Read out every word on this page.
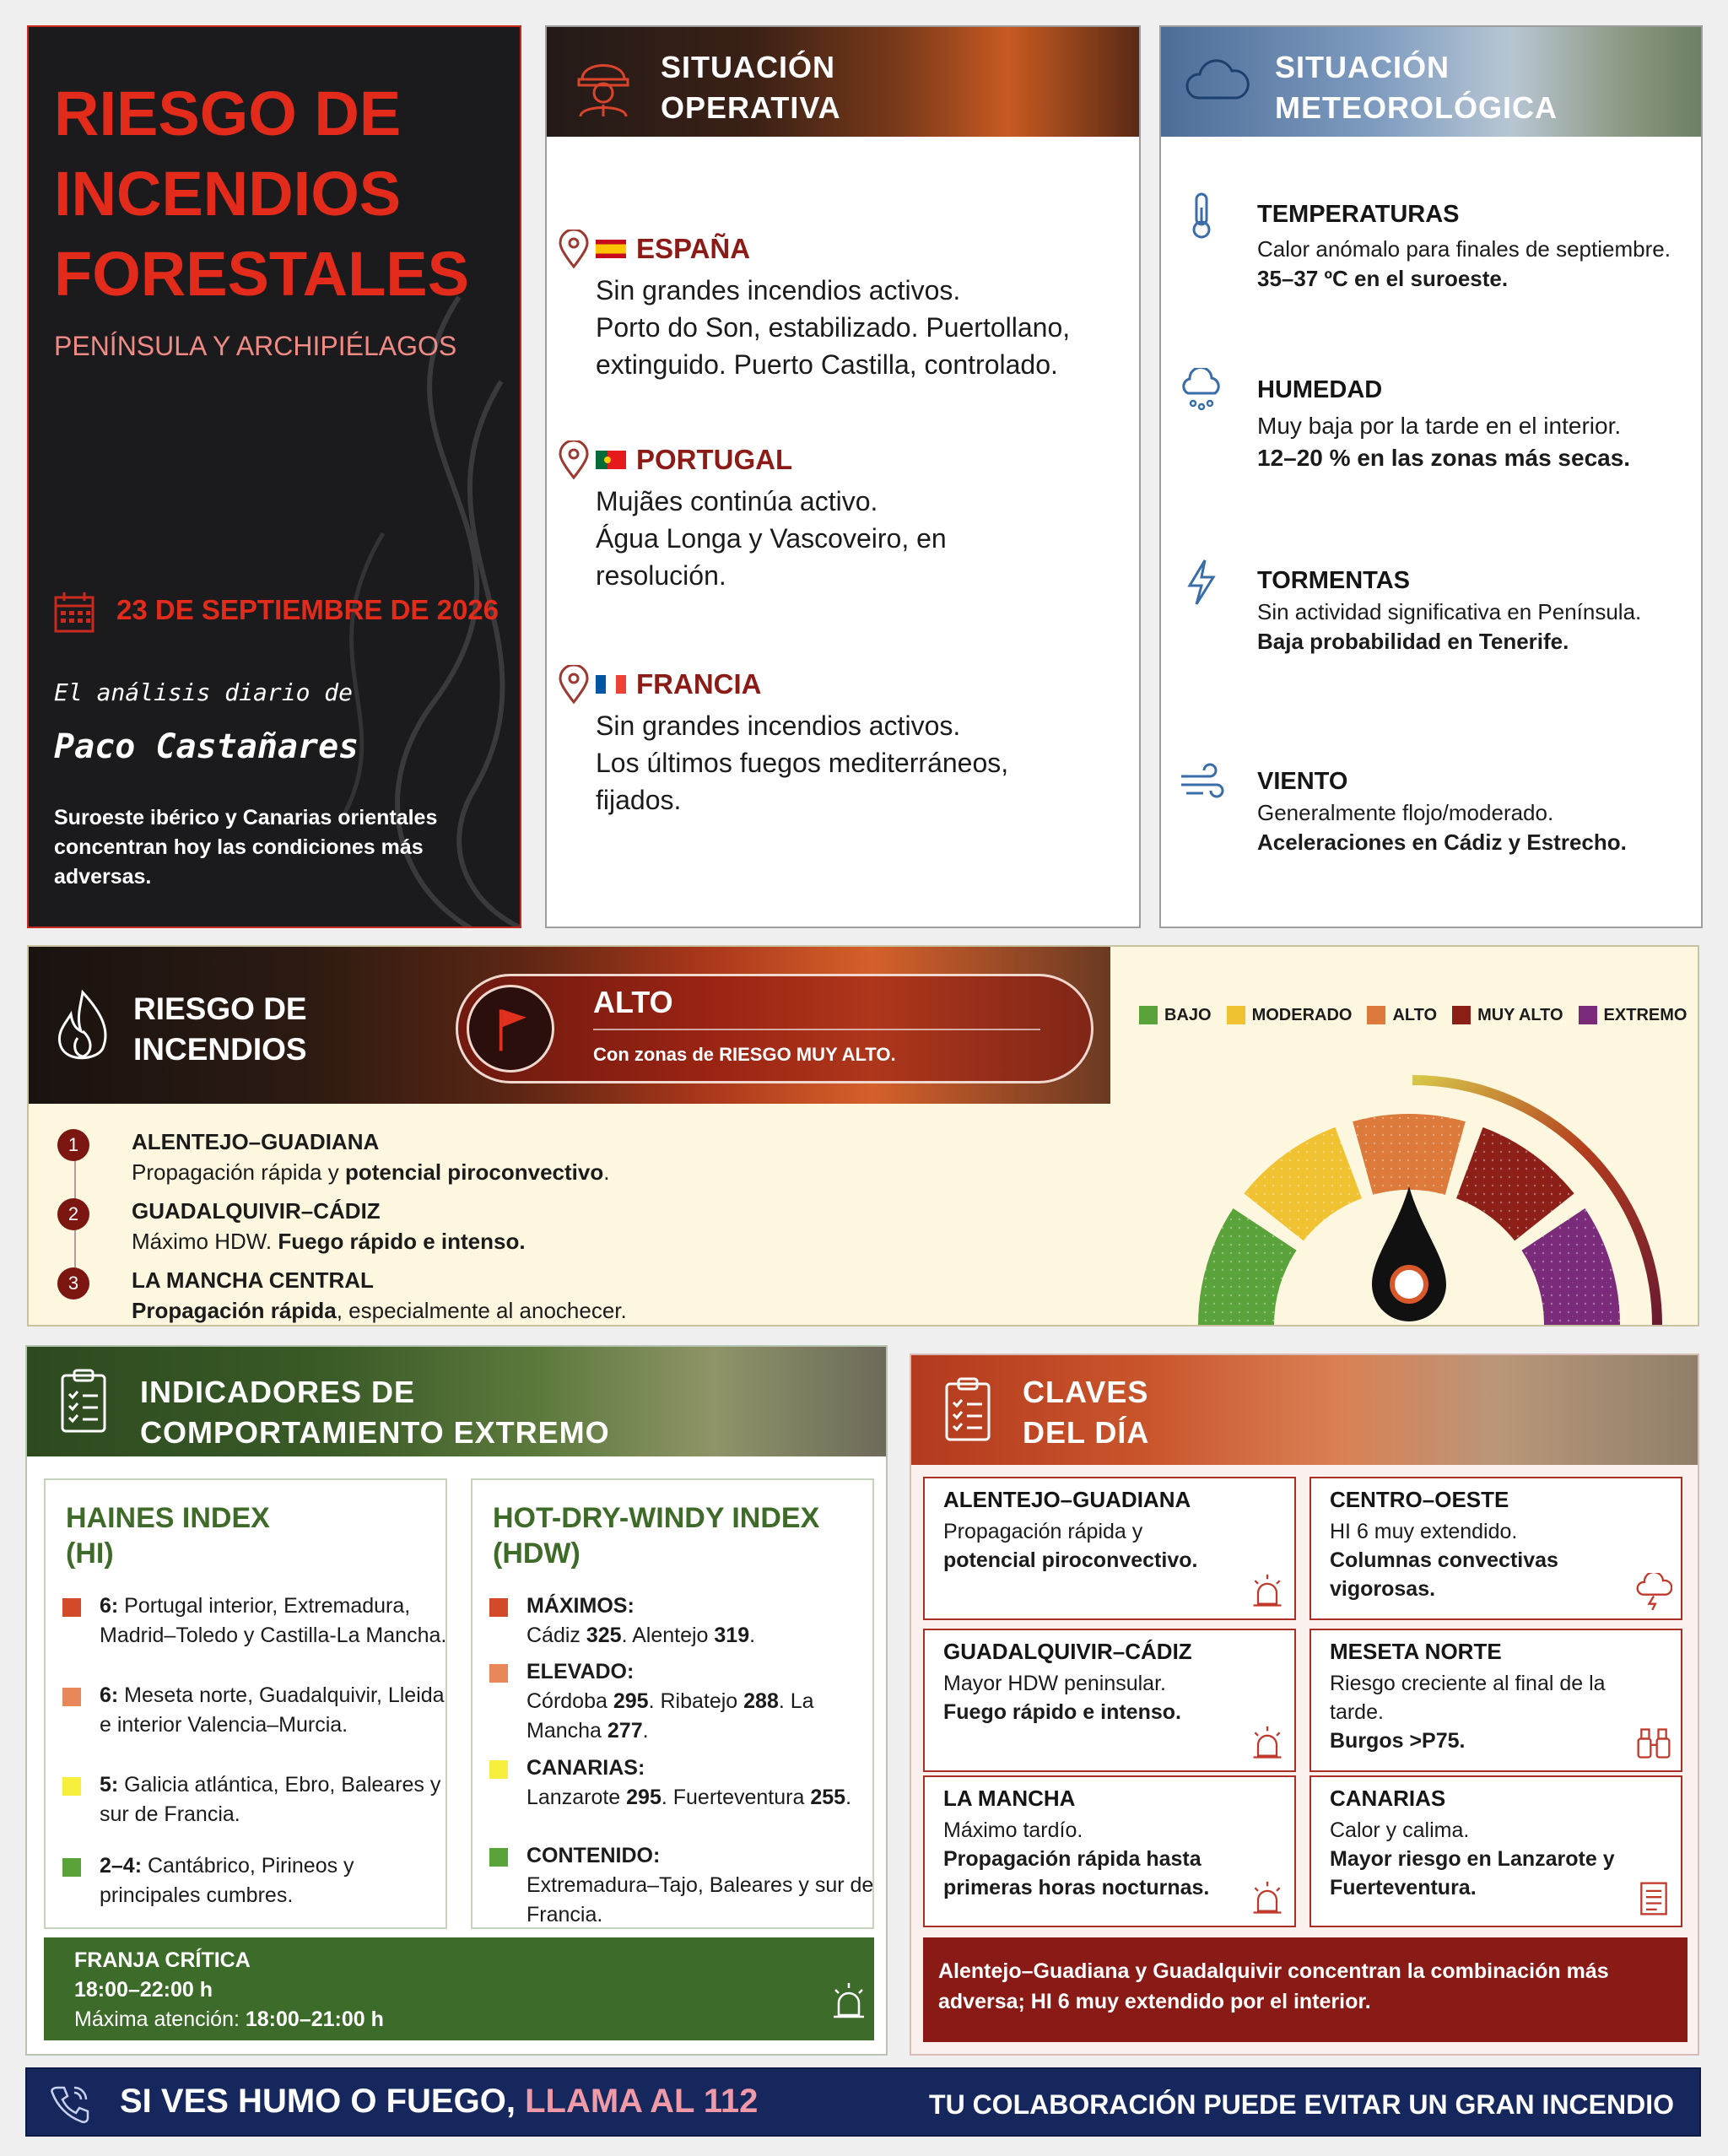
RIESGO DE
INCENDIOS
FORESTALES
PENÍNSULA Y ARCHIPIÉLAGOS
23 DE SEPTIEMBRE DE 2026
El análisis diario de
Paco Castañares
Suroeste ibérico y Canarias orientales concentran hoy las condiciones más adversas.
SITUACIÓN
OPERATIVA
ESPAÑA
Sin grandes incendios activos.
Porto do Son, estabilizado. Puertollano,
extinguido. Puerto Castilla, controlado.
PORTUGAL
Mujães continúa activo.
Água Longa y Vascoveiro, en
resolución.
FRANCIA
Sin grandes incendios activos.
Los últimos fuegos mediterráneos,
fijados.
SITUACIÓN
METEOROLÓGICA
TEMPERATURAS
Calor anómalo para finales de septiembre.
35–37 ºC en el suroeste.
HUMEDAD
Muy baja por la tarde en el interior.
12–20 % en las zonas más secas.
TORMENTAS
Sin actividad significativa en Península.
Baja probabilidad en Tenerife.
VIENTO
Generalmente flojo/moderado.
Aceleraciones en Cádiz y Estrecho.
RIESGO DE
INCENDIOS
ALTO
Con zonas de RIESGO MUY ALTO.
BAJO MODERADO ALTO MUY ALTO EXTREMO
1	ALENTEJO–GUADIANA
Propagación rápida y potencial piroconvectivo.
2	GUADALQUIVIR–CÁDIZ
Máximo HDW. Fuego rápido e intenso.
3	LA MANCHA CENTRAL
Propagación rápida, especialmente al anochecer.
INDICADORES DE
COMPORTAMIENTO EXTREMO
HAINES INDEX
(HI)
6: Portugal interior, Extremadura, Madrid–Toledo y Castilla-La Mancha.
6: Meseta norte, Guadalquivir, Lleida e interior Valencia–Murcia.
5: Galicia atlántica, Ebro, Baleares y sur de Francia.
2–4: Cantábrico, Pirineos y principales cumbres.
HOT-DRY-WINDY INDEX
(HDW)
MÁXIMOS:
Cádiz 325. Alentejo 319.
ELEVADO:
Córdoba 295. Ribatejo 288. La Mancha 277.
CANARIAS:
Lanzarote 295. Fuerteventura 255.
CONTENIDO:
Extremadura–Tajo, Baleares y sur de Francia.
FRANJA CRÍTICA
18:00–22:00 h
Máxima atención: 18:00–21:00 h
CLAVES
DEL DÍA
ALENTEJO–GUADIANA
Propagación rápida y
potencial piroconvectivo.
CENTRO–OESTE
HI 6 muy extendido.
Columnas convectivas vigorosas.
GUADALQUIVIR–CÁDIZ
Mayor HDW peninsular.
Fuego rápido e intenso.
MESETA NORTE
Riesgo creciente al final de la tarde.
Burgos >P75.
LA MANCHA
Máximo tardío.
Propagación rápida hasta primeras horas nocturnas.
CANARIAS
Calor y calima.
Mayor riesgo en Lanzarote y Fuerteventura.
Alentejo–Guadiana y Guadalquivir concentran la combinación más adversa; HI 6 muy extendido por el interior.
SI VES HUMO O FUEGO, LLAMA AL 112	TU COLABORACIÓN PUEDE EVITAR UN GRAN INCENDIO
